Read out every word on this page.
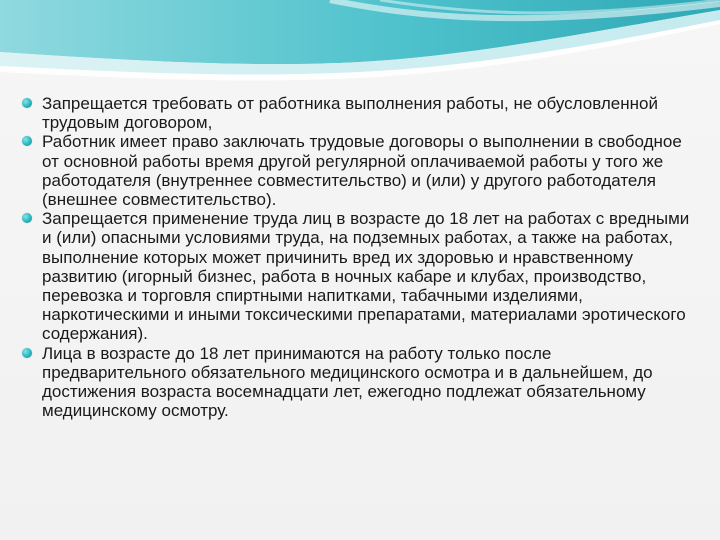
Запрещается требовать от работника выполнения работы, не обусловленной трудовым договором,
Работник имеет право заключать трудовые договоры о выполнении в свободное от основной работы время другой регулярной оплачиваемой работы у того же работодателя (внутреннее совместительство) и (или) у другого работодателя (внешнее совместительство).
Запрещается применение труда лиц в возрасте до 18 лет на работах с вредными и (или) опасными условиями труда, на подземных работах, а также на работах, выполнение которых может причинить вред их здоровью и нравственному развитию (игорный бизнес, работа в ночных кабаре и клубах, производство, перевозка и торговля спиртными напитками, табачными изделиями, наркотическими и иными токсическими препаратами, материалами эротического содержания).
Лица в возрасте до 18 лет принимаются на работу только после предварительного обязательного медицинского осмотра и в дальнейшем, до достижения возраста восемнадцати лет, ежегодно подлежат обязательному медицинскому осмотру.
